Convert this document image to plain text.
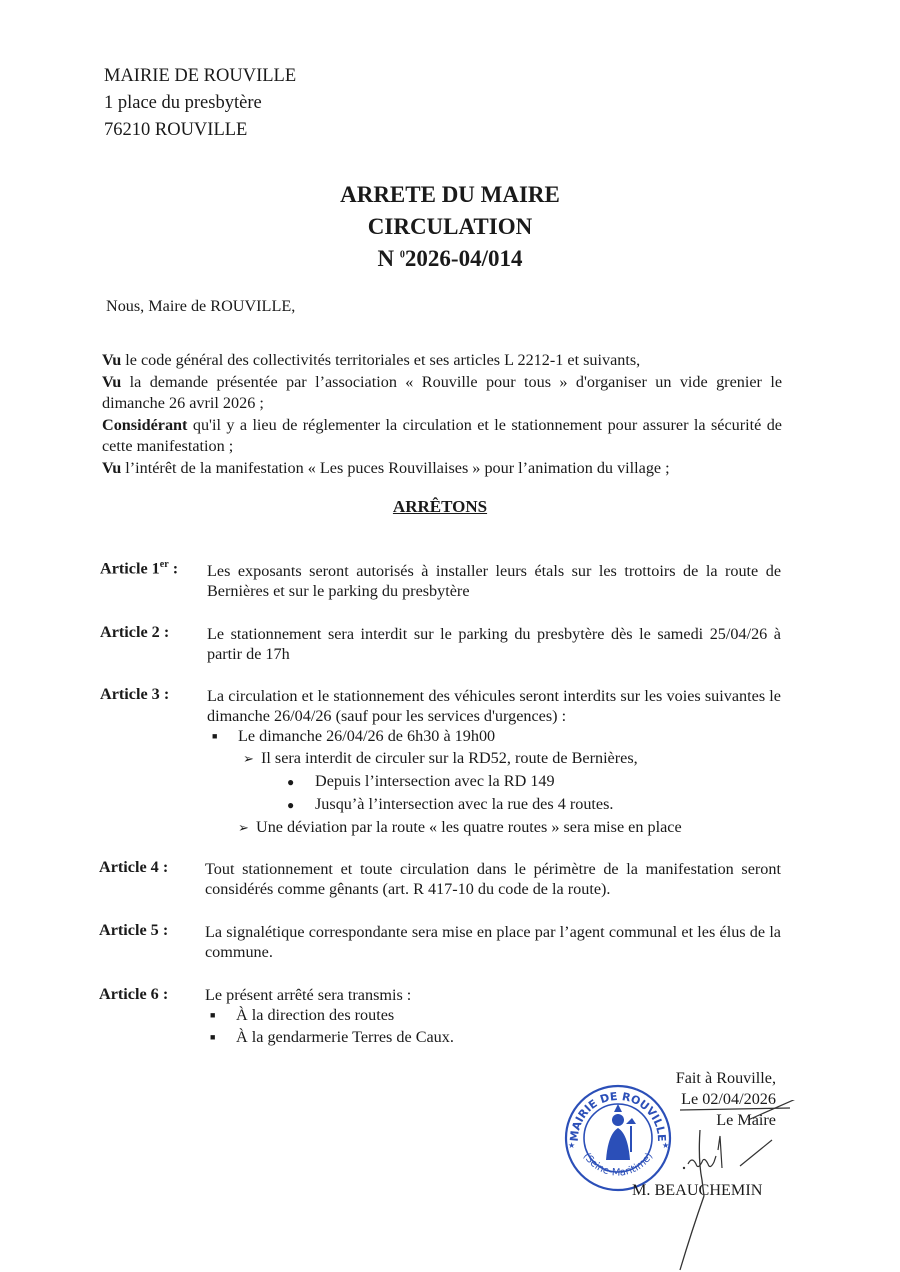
MAIRIE DE ROUVILLE

1 place du presbytère

76210 ROUVILLE

ARRETE DU MAIRE

CIRCULATION

N $^0$2026-04/014

Nous, Maire de ROUVILLE,

Vu le code général des collectivités territoriales et ses articles L 2212-1 et suivants,
Vu la demande présentée par l’association « Rouville pour tous » d'organiser un vide grenier le dimanche 26 avril 2026 ;
Considérant qu'il y a lieu de réglementer la circulation et le stationnement pour assurer la sécurité de cette manifestation ;
Vu l’intérêt de la manifestation « Les puces Rouvillaises » pour l’animation du village ;

ARRÊTONS

Article 1er :	Les exposants seront autorisés à installer leurs étals sur les trottoirs de la route de Bernières et sur le parking du presbytère

Article 2 :	Le stationnement sera interdit sur le parking du presbytère dès le samedi 25/04/26 à partir de 17h

Article 3 :	La circulation et le stationnement des véhicules seront interdits sur les voies suivantes le dimanche 26/04/26 (sauf pour les services d'urgences) :

■ Le dimanche 26/04/26 de 6h30 à 19h00

➢ Il sera interdit de circuler sur la RD52, route de Bernières,

● Depuis l’intersection avec la RD 149

● Jusqu’à l’intersection avec la rue des 4 routes.

➢ Une déviation par la route « les quatre routes » sera mise en place

Article 4 :	Tout stationnement et toute circulation dans le périmètre de la manifestation seront considérés comme gênants (art. R 417-10 du code de la route).

Article 5 :	La signalétique correspondante sera mise en place par l’agent communal et les élus de la commune.

Article 6 :	Le présent arrêté sera transmis :

■ À la direction des routes

■ À la gendarmerie Terres de Caux.

MAIRIE DE ROUVILLE
(Seine-Maritime)
★	★

Fait à Rouville,

Le 02/04/2026

Le Maire

M. BEAUCHEMIN
